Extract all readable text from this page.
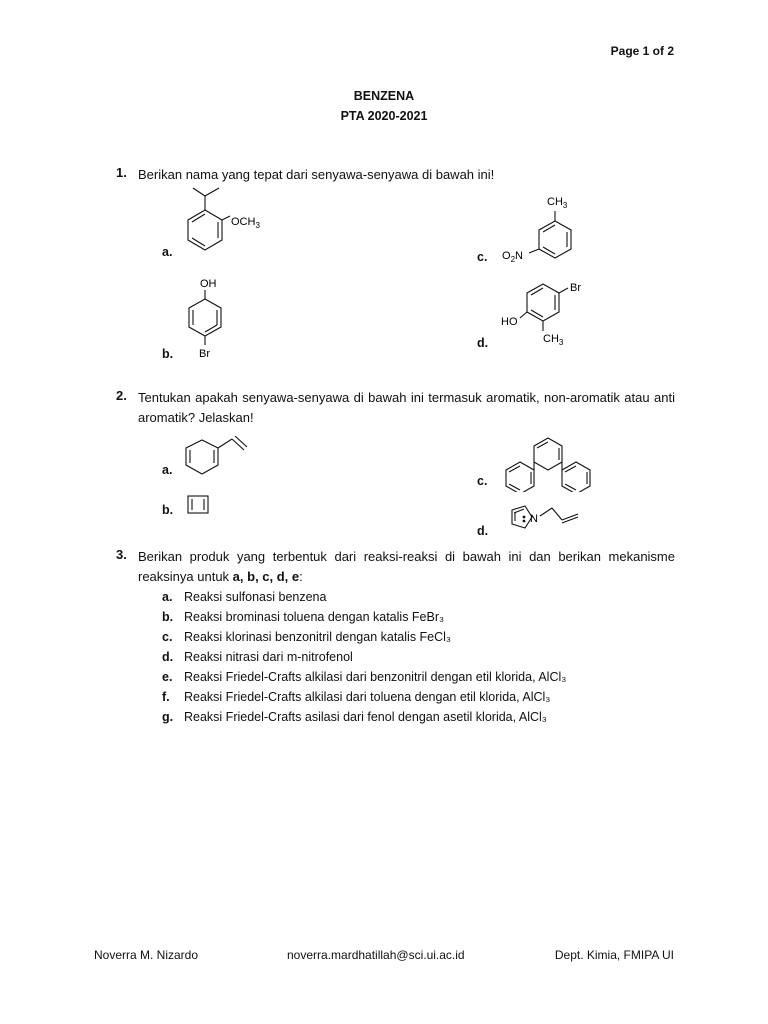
Page 1 of 2
BENZENA
PTA 2020-2021
1. Berikan nama yang tepat dari senyawa-senyawa di bawah ini!
a.
b.
c.
d.
$OCH_3$
OH
Br
$CH_3$
$O_2N$
Br
HO
$CH_3$
2. Tentukan apakah senyawa-senyawa di bawah ini termasuk aromatik, non-aromatik atau anti aromatik? Jelaskan!
a.
b.
c.
d.
N
3. Berikan produk yang terbentuk dari reaksi-reaksi di bawah ini dan berikan mekanisme reaksinya untuk a, b, c, d, e:
a. Reaksi sulfonasi benzena
b. Reaksi brominasi toluena dengan katalis FeBr₃
c. Reaksi klorinasi benzonitril dengan katalis FeCl₃
d. Reaksi nitrasi dari m-nitrofenol
e. Reaksi Friedel-Crafts alkilasi dari benzonitril dengan etil klorida, AlCl₃
f. Reaksi Friedel-Crafts alkilasi dari toluena dengan etil klorida, AlCl₃
g. Reaksi Friedel-Crafts asilasi dari fenol dengan asetil klorida, AlCl₃
Noverra M. Nizardo	noverra.mardhatillah@sci.ui.ac.id	Dept. Kimia, FMIPA UI
